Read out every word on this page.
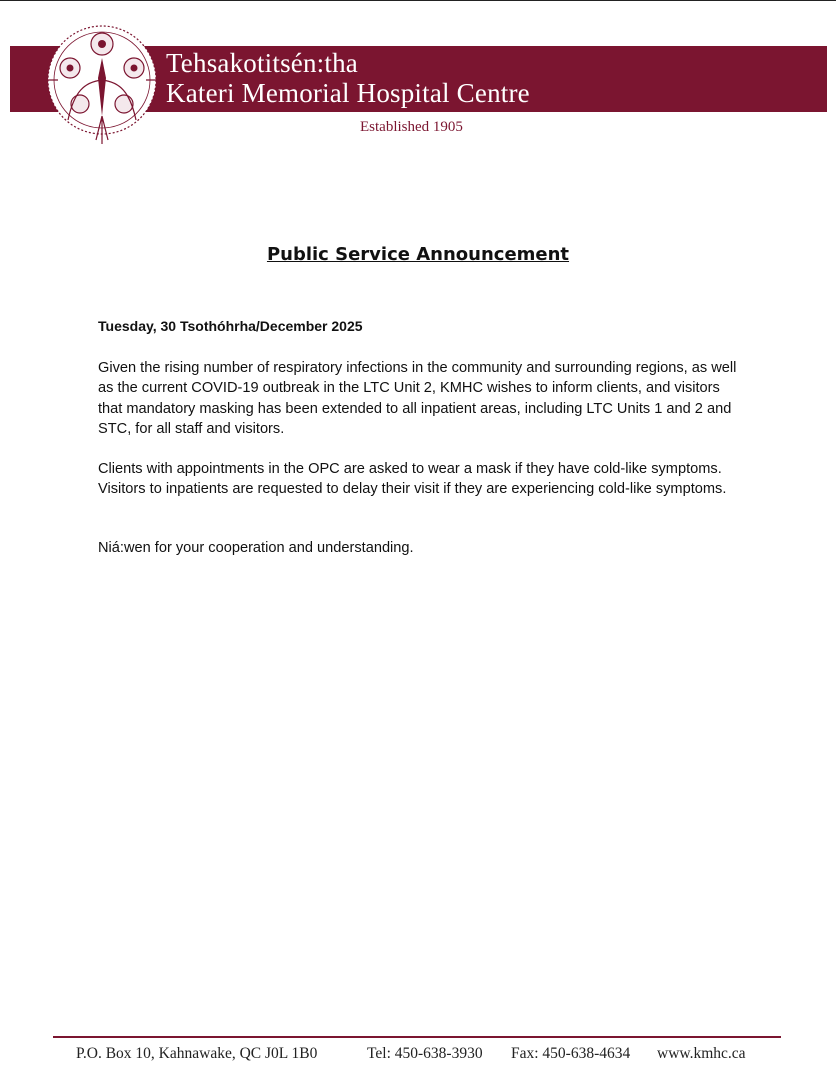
Tehsakotitsén:tha
Kateri Memorial Hospital Centre
Established 1905
Public Service Announcement
Tuesday, 30 Tsothóhrha/December 2025

Given the rising number of respiratory infections in the community and surrounding regions, as well as the current COVID-19 outbreak in the LTC Unit 2, KMHC wishes to inform clients, and visitors that mandatory masking has been extended to all inpatient areas, including LTC Units 1 and 2 and STC, for all staff and visitors.

Clients with appointments in the OPC are asked to wear a mask if they have cold-like symptoms. Visitors to inpatients are requested to delay their visit if they are experiencing cold-like symptoms.

Niá:wen for your cooperation and understanding.

P.O. Box 10, Kahnawake, QC J0L 1B0	Tel: 450-638-3930 Fax: 450-638-4634 www.kmhc.ca
